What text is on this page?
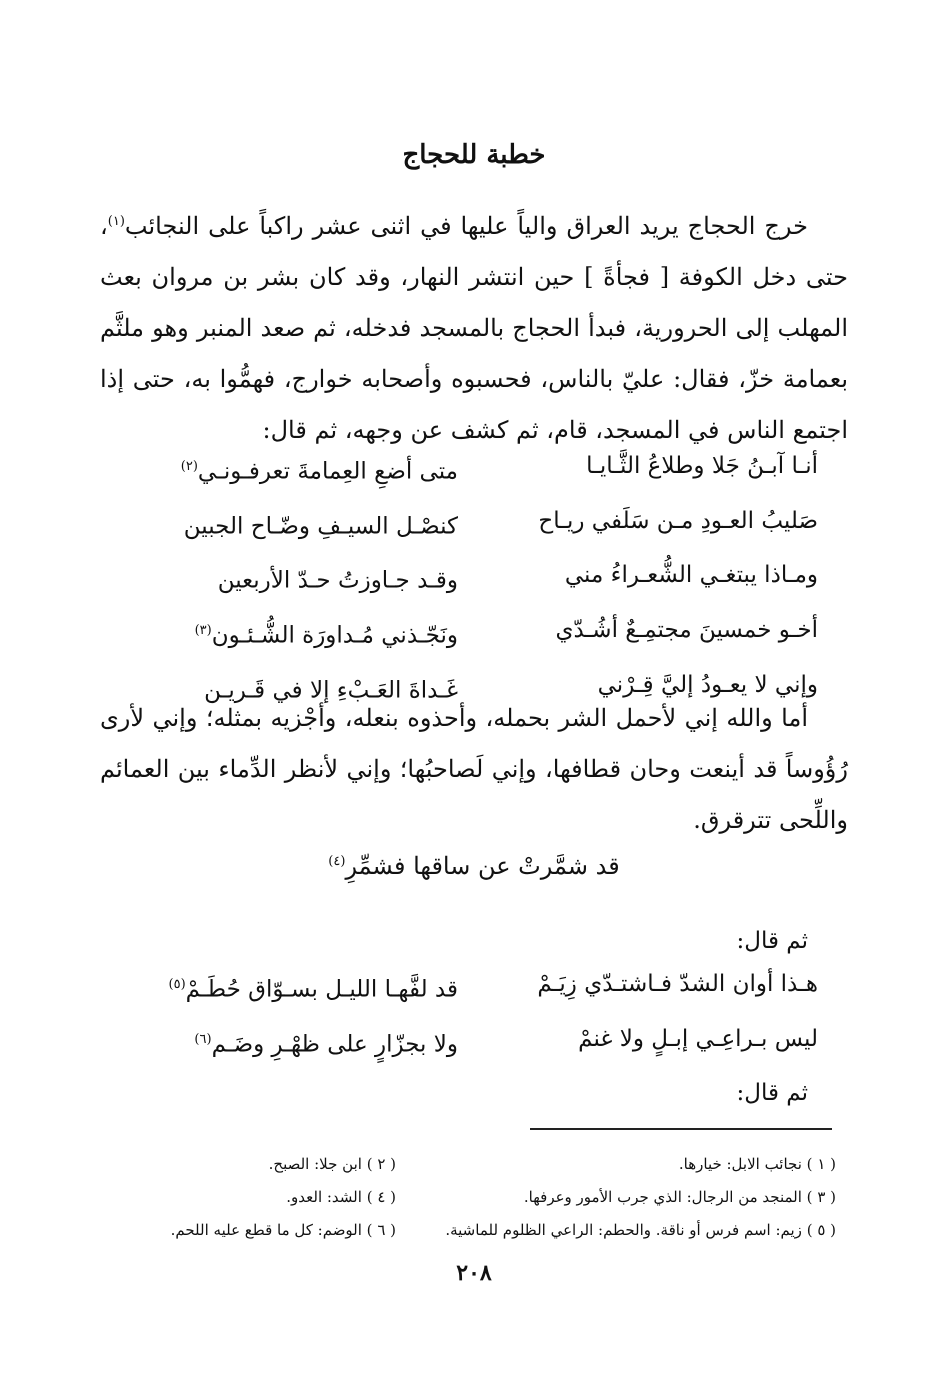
خطبة للحجاج

خرج الحجاج يريد العراق والياً عليها في اثنى عشر راكباً على النجائب$^{(١)}$، حتى دخل الكوفة [ فجأةً ] حين انتشر النهار، وقد كان بشر بن مروان بعث المهلب إلى الحرورية، فبدأ الحجاج بالمسجد فدخله، ثم صعد المنبر وهو ملثَّم بعمامة خزّ، فقال: عليّ بالناس، فحسبوه وأصحابه خوارج، فهمُّوا به، حتى إذا اجتمع الناس في المسجد، قام، ثم كشف عن وجهه، ثم قال:

أنـا آبـنُ جَلا وطلاعُ الثَّـايـا
متى أضعِ العِمامةَ تعرفـونـي$^{(٢)}$
صَليبُ العـودِ مـن سَلَفي ريـاح
كنصْـل السيـفِ وضّـاح الجبين
ومـاذا يبتغـي الشُّعـراءُ مني
وقـد جـاوزتُ حـدّ الأربعين
أخـو خمسينَ مجتمِـعٌ أشُـدّي
ونَجّـذني مُـداورَة الشُّـئـون$^{(٣)}$
وإني لا يعـودُ إليَّ قِـرْني
غَـداةَ العَـبْءِ إلا في قَـريـن

أما والله إني لأحمل الشر بحمله، وأحذوه بنعله، وأجْزيه بمثله؛ وإني لأرى رُؤُوساً قد أينعت وحان قطافها، وإني لَصاحبُها؛ وإني لأنظر الدِّماء بين العمائم واللِّحى تترقرق.

قد شمَّرتْ عن ساقها فشمِّرِ$^{(٤)}$
ثم قال:
هـذا أوان الشدّ فـاشتـدّي زِيَـمْ
قد لفَّهـا الليـل بسـوّاق حُطَـمْ$^{(٥)}$
ليس بـراعِـي إبـلٍ ولا غنمْ
ولا بجزّارٍ على ظهْـرِ وضَـم$^{(٦)}$
ثم قال:
( ١ ) نجائب الابل: خيارها.
( ٢ ) ابن جلا: الصبح.
( ٣ ) المنجد من الرجال: الذي جرب الأمور وعرفها.
( ٤ ) الشد: العدو.
( ٥ ) زيم: اسم فرس أو ناقة. والحطم: الراعي الظلوم للماشية.
( ٦ ) الوضم: كل ما قطع عليه اللحم.
٢٠٨
